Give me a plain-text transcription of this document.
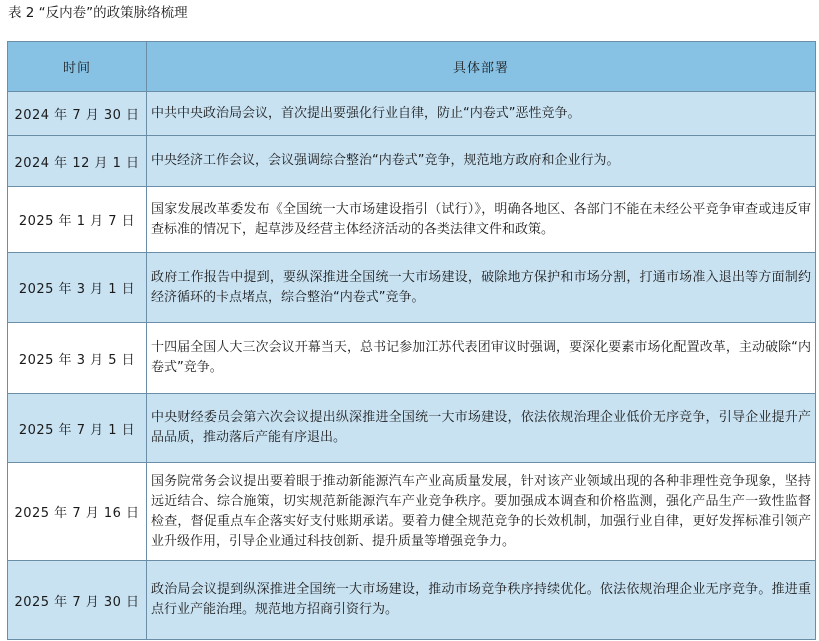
表 2 “反内卷”的政策脉络梳理
时间	具体部署
2024 年 7 月 30 日	中共中央政治局会议，首次提出要强化行业自律，防止“内卷式”恶性竞争。
2024 年 12 月 1 日	中央经济工作会议，会议强调综合整治“内卷式”竞争，规范地方政府和企业行为。
2025 年 1 月 7 日	国家发展改革委发布《全国统一大市场建设指引（试行）》，明确各地区、各部门不能在未经公平竞争审查或违反审查标准的情况下，起草涉及经营主体经济活动的各类法律文件和政策。
2025 年 3 月 1 日	政府工作报告中提到，要纵深推进全国统一大市场建设，破除地方保护和市场分割，打通市场准入退出等方面制约经济循环的卡点堵点，综合整治“内卷式”竞争。
2025 年 3 月 5 日	十四届全国人大三次会议开幕当天，总书记参加江苏代表团审议时强调，要深化要素市场化配置改革，主动破除“内卷式”竞争。
2025 年 7 月 1 日	中央财经委员会第六次会议提出纵深推进全国统一大市场建设，依法依规治理企业低价无序竞争，引导企业提升产品品质，推动落后产能有序退出。
2025 年 7 月 16 日	国务院常务会议提出要着眼于推动新能源汽车产业高质量发展，针对该产业领域出现的各种非理性竞争现象，坚持远近结合、综合施策，切实规范新能源汽车产业竞争秩序。要加强成本调查和价格监测，强化产品生产一致性监督检查，督促重点车企落实好支付账期承诺。要着力健全规范竞争的长效机制，加强行业自律，更好发挥标准引领产业升级作用，引导企业通过科技创新、提升质量等增强竞争力。
2025 年 7 月 30 日	政治局会议提到纵深推进全国统一大市场建设，推动市场竞争秩序持续优化。依法依规治理企业无序竞争。推进重点行业产能治理。规范地方招商引资行为。
